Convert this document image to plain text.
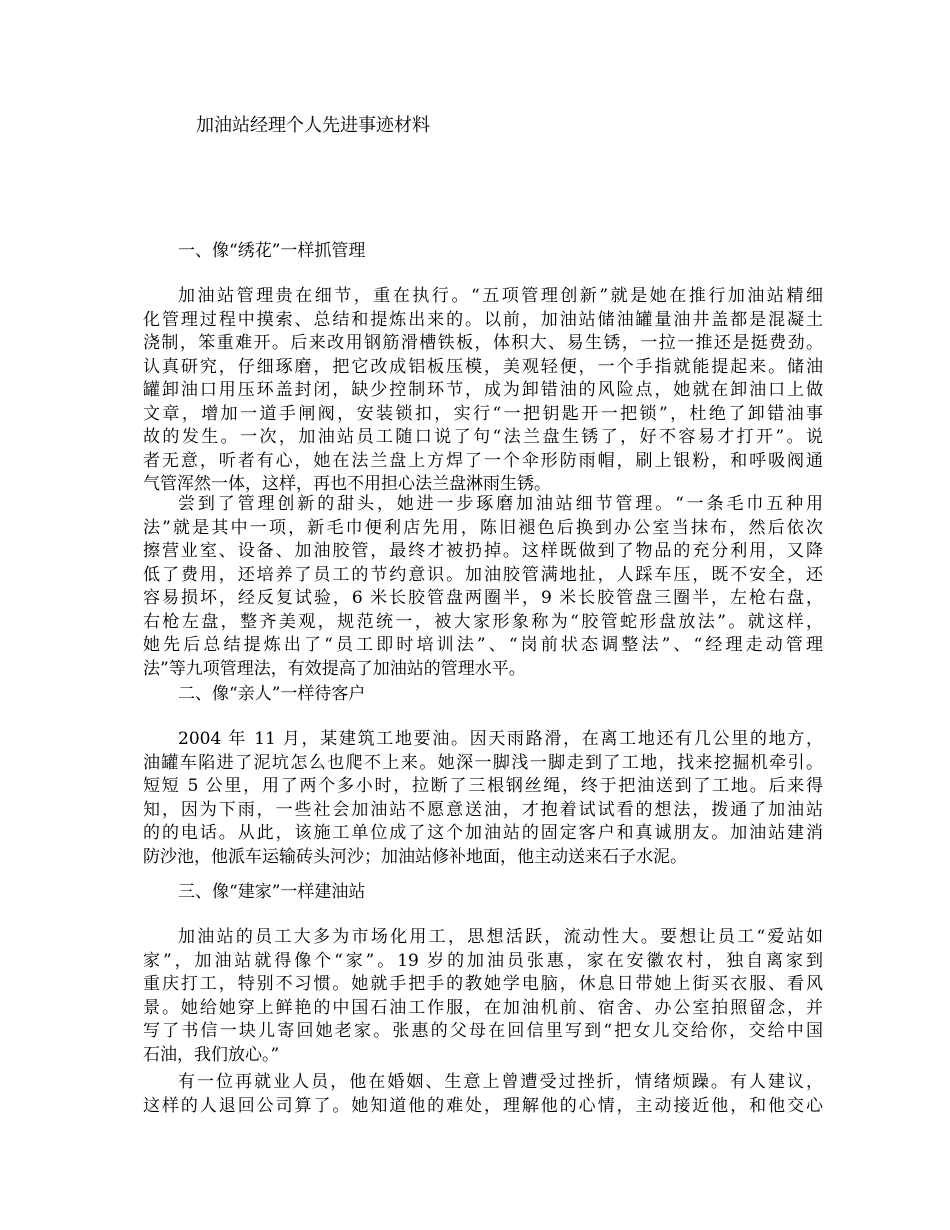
加油站经理个人先进事迹材料
一、像“绣花”一样抓管理

加油站管理贵在细节，重在执行。“五项管理创新”就是她在推行加油站精细
化管理过程中摸索、总结和提炼出来的。以前，加油站储油罐量油井盖都是混凝土
浇制，笨重难开。后来改用钢筋滑槽铁板，体积大、易生锈，一拉一推还是挺费劲。
认真研究，仔细琢磨，把它改成铝板压模，美观轻便，一个手指就能提起来。储油
罐卸油口用压环盖封闭，缺少控制环节，成为卸错油的风险点，她就在卸油口上做
文章，增加一道手闸阀，安装锁扣，实行“一把钥匙开一把锁”，杜绝了卸错油事
故的发生。一次，加油站员工随口说了句“法兰盘生锈了，好不容易才打开”。说
者无意，听者有心，她在法兰盘上方焊了一个伞形防雨帽，刷上银粉，和呼吸阀通
气管浑然一体，这样，再也不用担心法兰盘淋雨生锈。

尝到了管理创新的甜头，她进一步琢磨加油站细节管理。“一条毛巾五种用
法”就是其中一项，新毛巾便利店先用，陈旧褪色后换到办公室当抹布，然后依次
擦营业室、设备、加油胶管，最终才被扔掉。这样既做到了物品的充分利用，又降
低了费用，还培养了员工的节约意识。加油胶管满地扯，人踩车压，既不安全，还
容易损坏，经反复试验，6 米长胶管盘两圈半，9 米长胶管盘三圈半，左枪右盘，
右枪左盘，整齐美观，规范统一，被大家形象称为“胶管蛇形盘放法”。就这样，
她先后总结提炼出了“员工即时培训法”、“岗前状态调整法”、“经理走动管理
法”等九项管理法，有效提高了加油站的管理水平。

二、像“亲人”一样待客户

2004 年 11 月，某建筑工地要油。因天雨路滑，在离工地还有几公里的地方，
油罐车陷进了泥坑怎么也爬不上来。她深一脚浅一脚走到了工地，找来挖掘机牵引。
短短 5 公里，用了两个多小时，拉断了三根钢丝绳，终于把油送到了工地。后来得
知，因为下雨，一些社会加油站不愿意送油，才抱着试试看的想法，拨通了加油站
的的电话。从此，该施工单位成了这个加油站的固定客户和真诚朋友。加油站建消
防沙池，他派车运输砖头河沙；加油站修补地面，他主动送来石子水泥。

三、像“建家”一样建油站

加油站的员工大多为市场化用工，思想活跃，流动性大。要想让员工“爱站如
家”，加油站就得像个“家”。19 岁的加油员张惠，家在安徽农村，独自离家到
重庆打工，特别不习惯。她就手把手的教她学电脑，休息日带她上街买衣服、看风
景。她给她穿上鲜艳的中国石油工作服，在加油机前、宿舍、办公室拍照留念，并
写了书信一块儿寄回她老家。张惠的父母在回信里写到“把女儿交给你，交给中国
石油，我们放心。”

有一位再就业人员，他在婚姻、生意上曾遭受过挫折，情绪烦躁。有人建议，
这样的人退回公司算了。她知道他的难处，理解他的心情，主动接近他，和他交心
